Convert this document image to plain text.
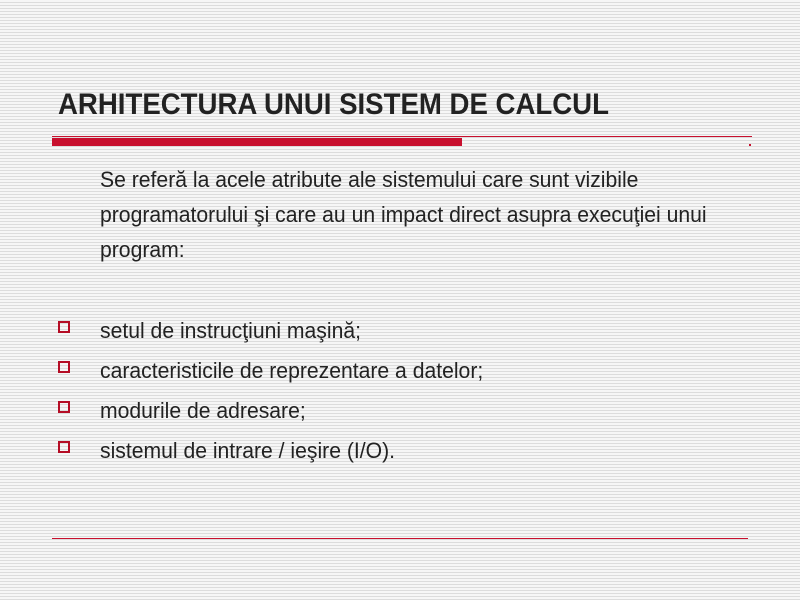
ARHITECTURA UNUI SISTEM DE CALCUL
Se referă la acele atribute ale sistemului care sunt vizibile programatorului şi care au un impact direct asupra execuţiei unui program:
setul de instrucţiuni maşină;
caracteristicile de reprezentare a datelor;
modurile de adresare;
sistemul de intrare / ieşire (I/O).
